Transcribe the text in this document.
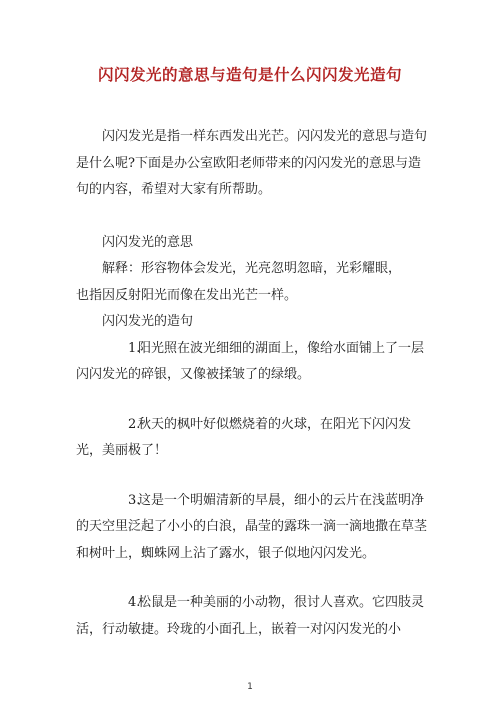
闪闪发光的意思与造句是什么闪闪发光造句

闪闪发光是指一样东西发出光芒。闪闪发光的意思与造句是什么呢?下面是办公室欧阳老师带来的闪闪发光的意思与造句的内容，希望对大家有所帮助。

闪闪发光的意思

解释：形容物体会发光，光亮忽明忽暗，光彩耀眼，

也指因反射阳光而像在发出光芒一样。

闪闪发光的造句

1.阳光照在波光细细的湖面上，像给水面铺上了一层闪闪发光的碎银，又像被揉皱了的绿缎。

2.秋天的枫叶好似燃烧着的火球，在阳光下闪闪发光，美丽极了！

3.这是一个明媚清新的早晨，细小的云片在浅蓝明净的天空里泛起了小小的白浪，晶莹的露珠一滴一滴地撒在草茎和树叶上，蜘蛛网上沾了露水，银子似地闪闪发光。

4.松鼠是一种美丽的小动物，很讨人喜欢。它四肢灵活，行动敏捷。玲珑的小面孔上，嵌着一对闪闪发光的小

1
